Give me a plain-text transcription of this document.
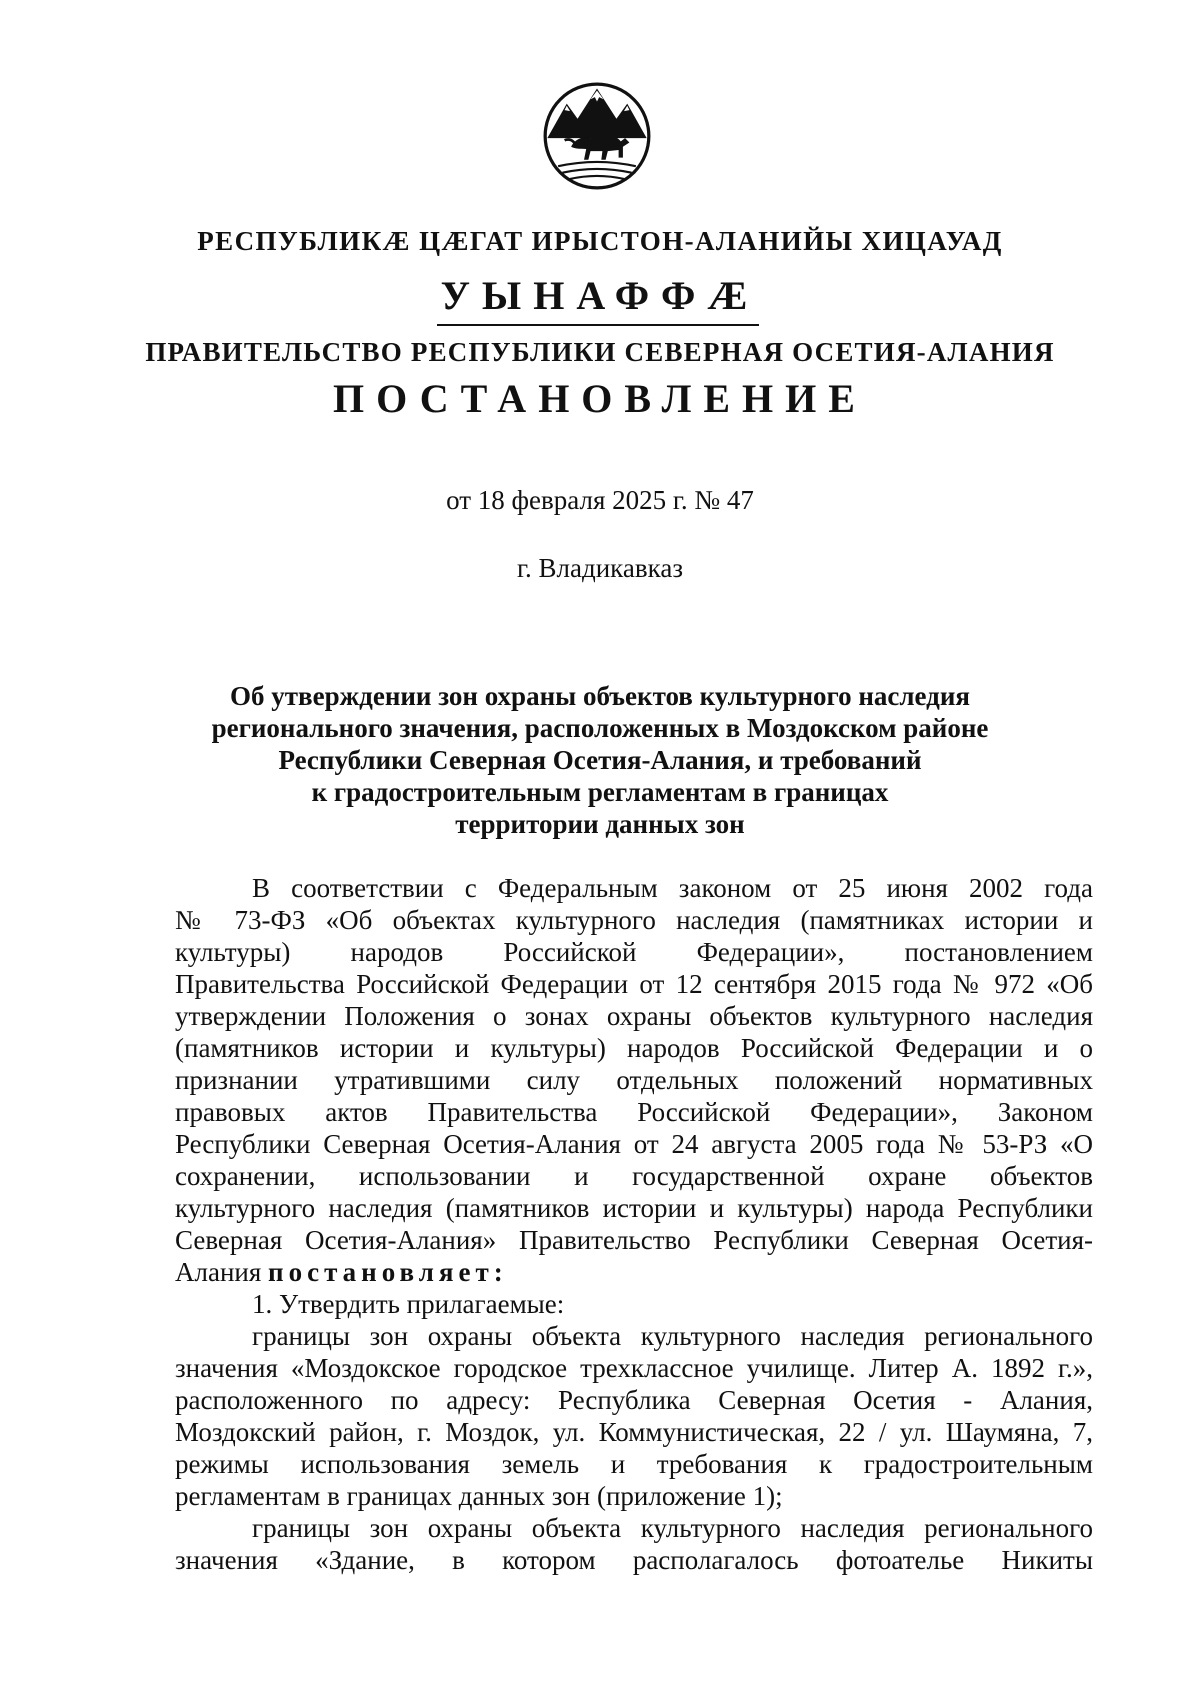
РЕСПУБЛИКӔ ЦӔГАТ ИРЫСТОН-АЛАНИЙЫ ХИЦАУАД
УЫНАФФӔ
ПРАВИТЕЛЬСТВО РЕСПУБЛИКИ СЕВЕРНАЯ ОСЕТИЯ-АЛАНИЯ
ПОСТАНОВЛЕНИЕ
от 18 февраля 2025 г. № 47
г. Владикавказ
Об утверждении зон охраны объектов культурного наследия
регионального значения, расположенных в Моздокском районе
Республики Северная Осетия-Алания, и требований
к градостроительным регламентам в границах
территории данных зон
В соответствии с Федеральным законом от 25 июня 2002 года
№ 73-ФЗ «Об объектах культурного наследия (памятниках истории и
культуры) народов Российской Федерации», постановлением
Правительства Российской Федерации от 12 сентября 2015 года № 972 «Об
утверждении Положения о зонах охраны объектов культурного наследия
(памятников истории и культуры) народов Российской Федерации и о
признании утратившими силу отдельных положений нормативных
правовых актов Правительства Российской Федерации», Законом
Республики Северная Осетия-Алания от 24 августа 2005 года № 53-РЗ «О
сохранении, использовании и государственной охране объектов
культурного наследия (памятников истории и культуры) народа Республики
Северная Осетия-Алания» Правительство Республики Северная Осетия-
Алания постановляет:
1. Утвердить прилагаемые:
границы зон охраны объекта культурного наследия регионального
значения «Моздокское городское трехклассное училище. Литер А. 1892 г.»,
расположенного по адресу: Республика Северная Осетия - Алания,
Моздокский район, г. Моздок, ул. Коммунистическая, 22 / ул. Шаумяна, 7,
режимы использования земель и требования к градостроительным
регламентам в границах данных зон (приложение 1);
границы зон охраны объекта культурного наследия регионального
значения «Здание, в котором располагалось фотоателье Никиты
